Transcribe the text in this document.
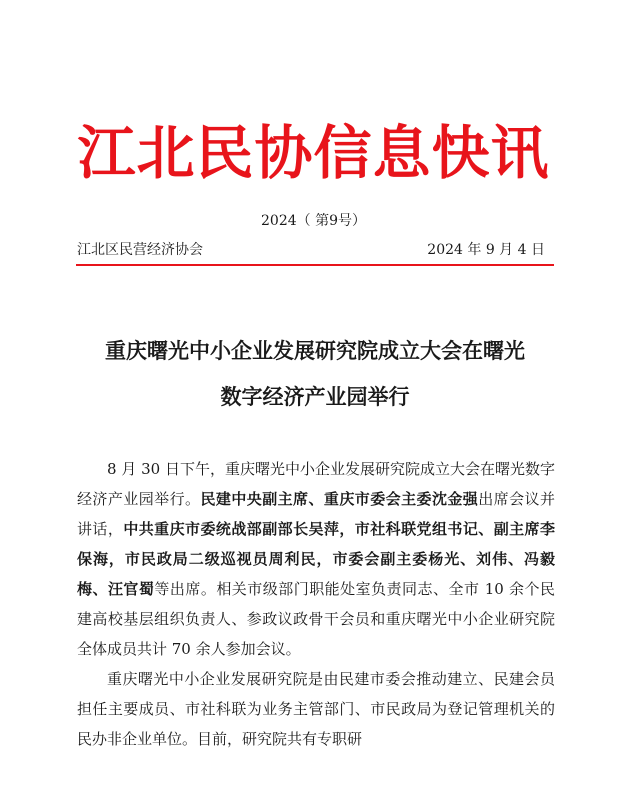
江北民协信息快讯
2024（ 第9号）
江北区民营经济协会	2024 年 9 月 4 日
重庆曙光中小企业发展研究院成立大会在曙光
数字经济产业园举行

8 月 30 日下午，重庆曙光中小企业发展研究院成立大会在曙光数字经济产业园举行。民建中央副主席、重庆市委会主委沈金强出席会议并讲话，中共重庆市委统战部副部长吴萍，市社科联党组书记、副主席李保海，市民政局二级巡视员周利民，市委会副主委杨光、刘伟、冯毅梅、汪官蜀等出席。相关市级部门职能处室负责同志、全市 10 余个民建高校基层组织负责人、参政议政骨干会员和重庆曙光中小企业研究院全体成员共计 70 余人参加会议。

重庆曙光中小企业发展研究院是由民建市委会推动建立、民建会员担任主要成员、市社科联为业务主管部门、市民政局为登记管理机关的民办非企业单位。目前，研究院共有专职研
